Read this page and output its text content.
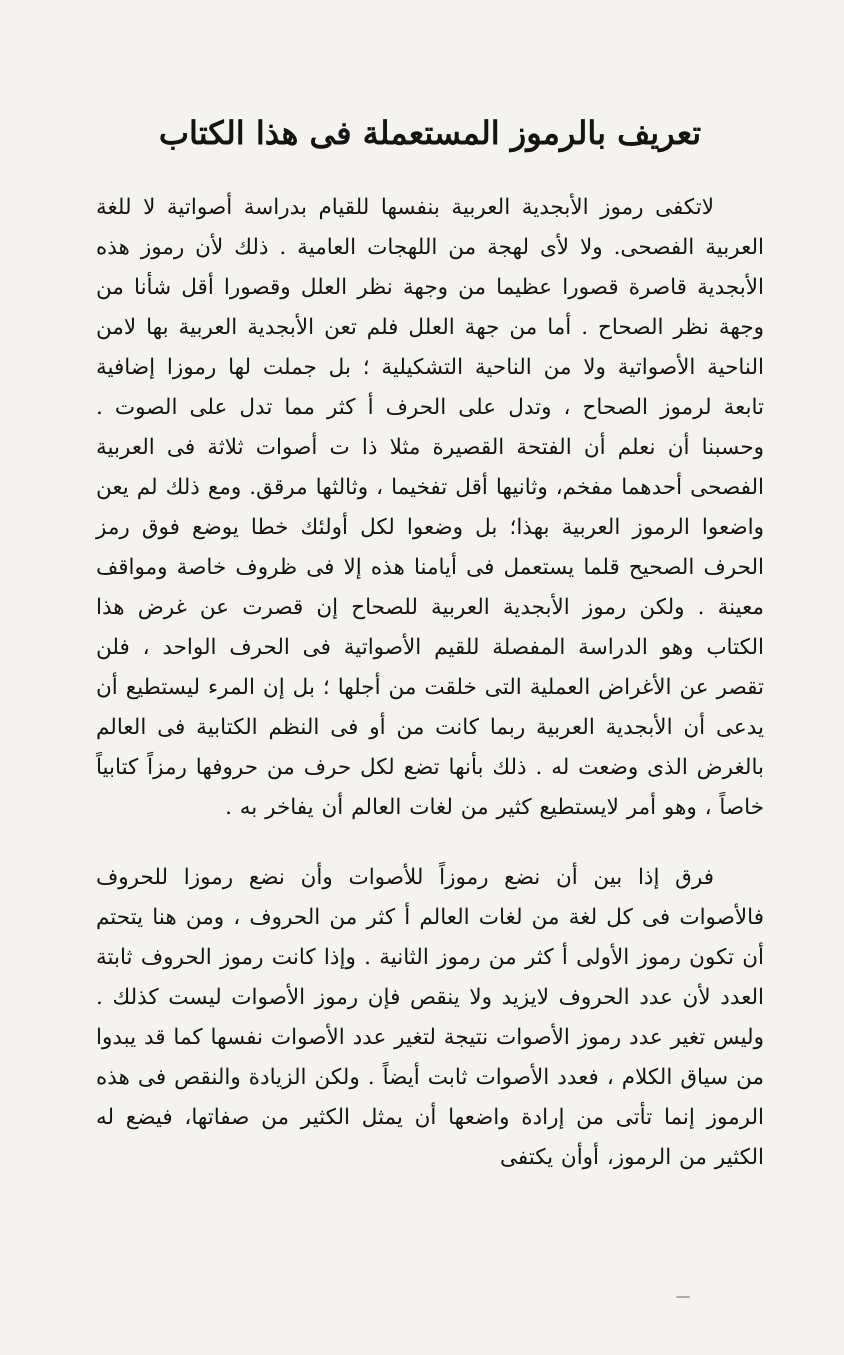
تعريف بالرموز المستعملة فى هذا الكتاب

لاتكفى رموز الأبجدية العربية بنفسها للقيام بدراسة أصواتية لا للغة العربية الفصحى. ولا لأى لهجة من اللهجات العامية . ذلك لأن رموز هذه الأبجدية قاصرة قصورا عظيما من وجهة نظر العلل وقصورا أقل شأنا من وجهة نظر الصحاح . أما من جهة العلل فلم تعن الأبجدية العربية بها لامن الناحية الأصواتية ولا من الناحية التشكيلية ؛ بل جملت لها رموزا إضافية تابعة لرموز الصحاح ، وتدل على الحرف أ كثر مما تدل على الصوت . وحسبنا أن نعلم أن الفتحة القصيرة مثلا ذا ت أصوات ثلاثة فى العربية الفصحى أحدهما مفخم، وثانيها أقل تفخيما ، وثالثها مرقق. ومع ذلك لم يعن واضعوا الرموز العربية بهذا؛ بل وضعوا لكل أولئك خطا يوضع فوق رمز الحرف الصحيح قلما يستعمل فى أيامنا هذه إلا فى ظروف خاصة ومواقف معينة . ولكن رموز الأبجدية العربية للصحاح إن قصرت عن غرض هذا الكتاب وهو الدراسة المفصلة للقيم الأصواتية فى الحرف الواحد ، فلن تقصر عن الأغراض العملية التى خلقت من أجلها ؛ بل إن المرء ليستطيع أن يدعى أن الأبجدية العربية ربما كانت من أو فى النظم الكتابية فى العالم بالغرض الذى وضعت له . ذلك بأنها تضع لكل حرف من حروفها رمزاً كتابياً خاصاً ، وهو أمر لايستطيع كثير من لغات العالم أن يفاخر به .

فرق إذا بين أن نضع رموزاً للأصوات وأن نضع رموزا للحروف فالأصوات فى كل لغة من لغات العالم أ كثر من الحروف ، ومن هنا يتحتم أن تكون رموز الأولى أ كثر من رموز الثانية . وإذا كانت رموز الحروف ثابتة العدد لأن عدد الحروف لايزيد ولا ينقص فإن رموز الأصوات ليست كذلك . وليس تغير عدد رموز الأصوات نتيجة لتغير عدد الأصوات نفسها كما قد يبدوا من سياق الكلام ، فعدد الأصوات ثابت أيضاً . ولكن الزيادة والنقص فى هذه الرموز إنما تأتى من إرادة واضعها أن يمثل الكثير من صفاتها، فيضع له الكثير من الرموز، أوأن يكتفى
